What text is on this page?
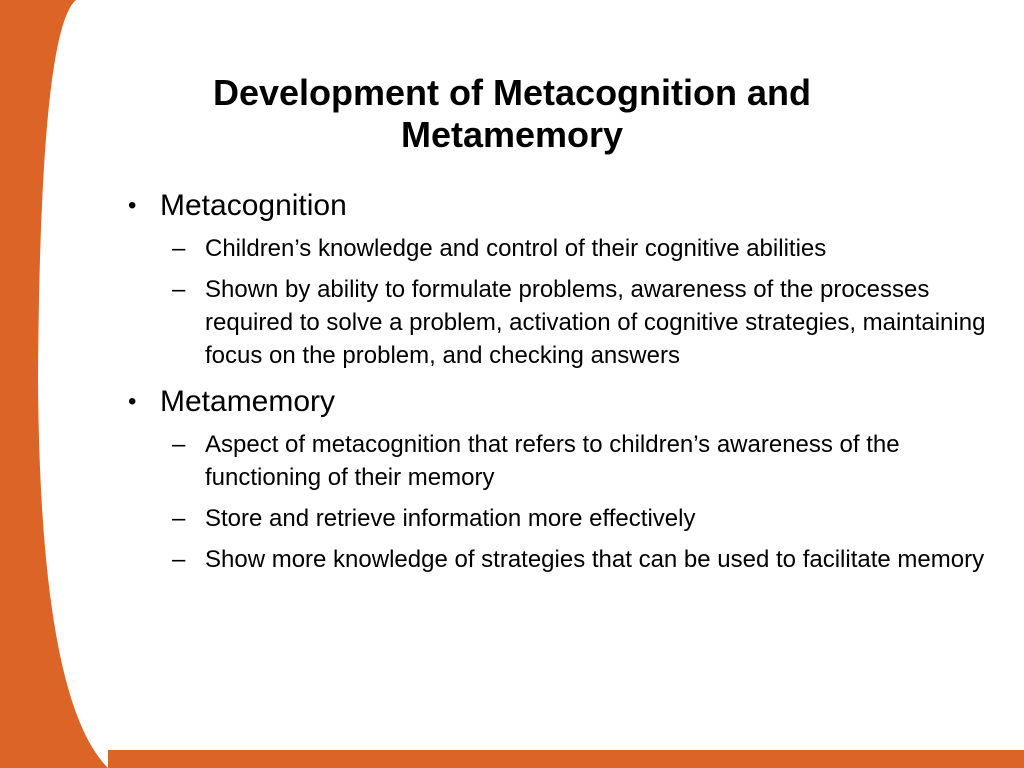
Development of Metacognition and
Metamemory
• Metacognition
– Children’s knowledge and control of their cognitive abilities
– Shown by ability to formulate problems, awareness of the processes required to solve a problem, activation of cognitive strategies, maintaining focus on the problem, and checking answers
• Metamemory
– Aspect of metacognition that refers to children’s awareness of the functioning of their memory
– Store and retrieve information more effectively
– Show more knowledge of strategies that can be used to facilitate memory
